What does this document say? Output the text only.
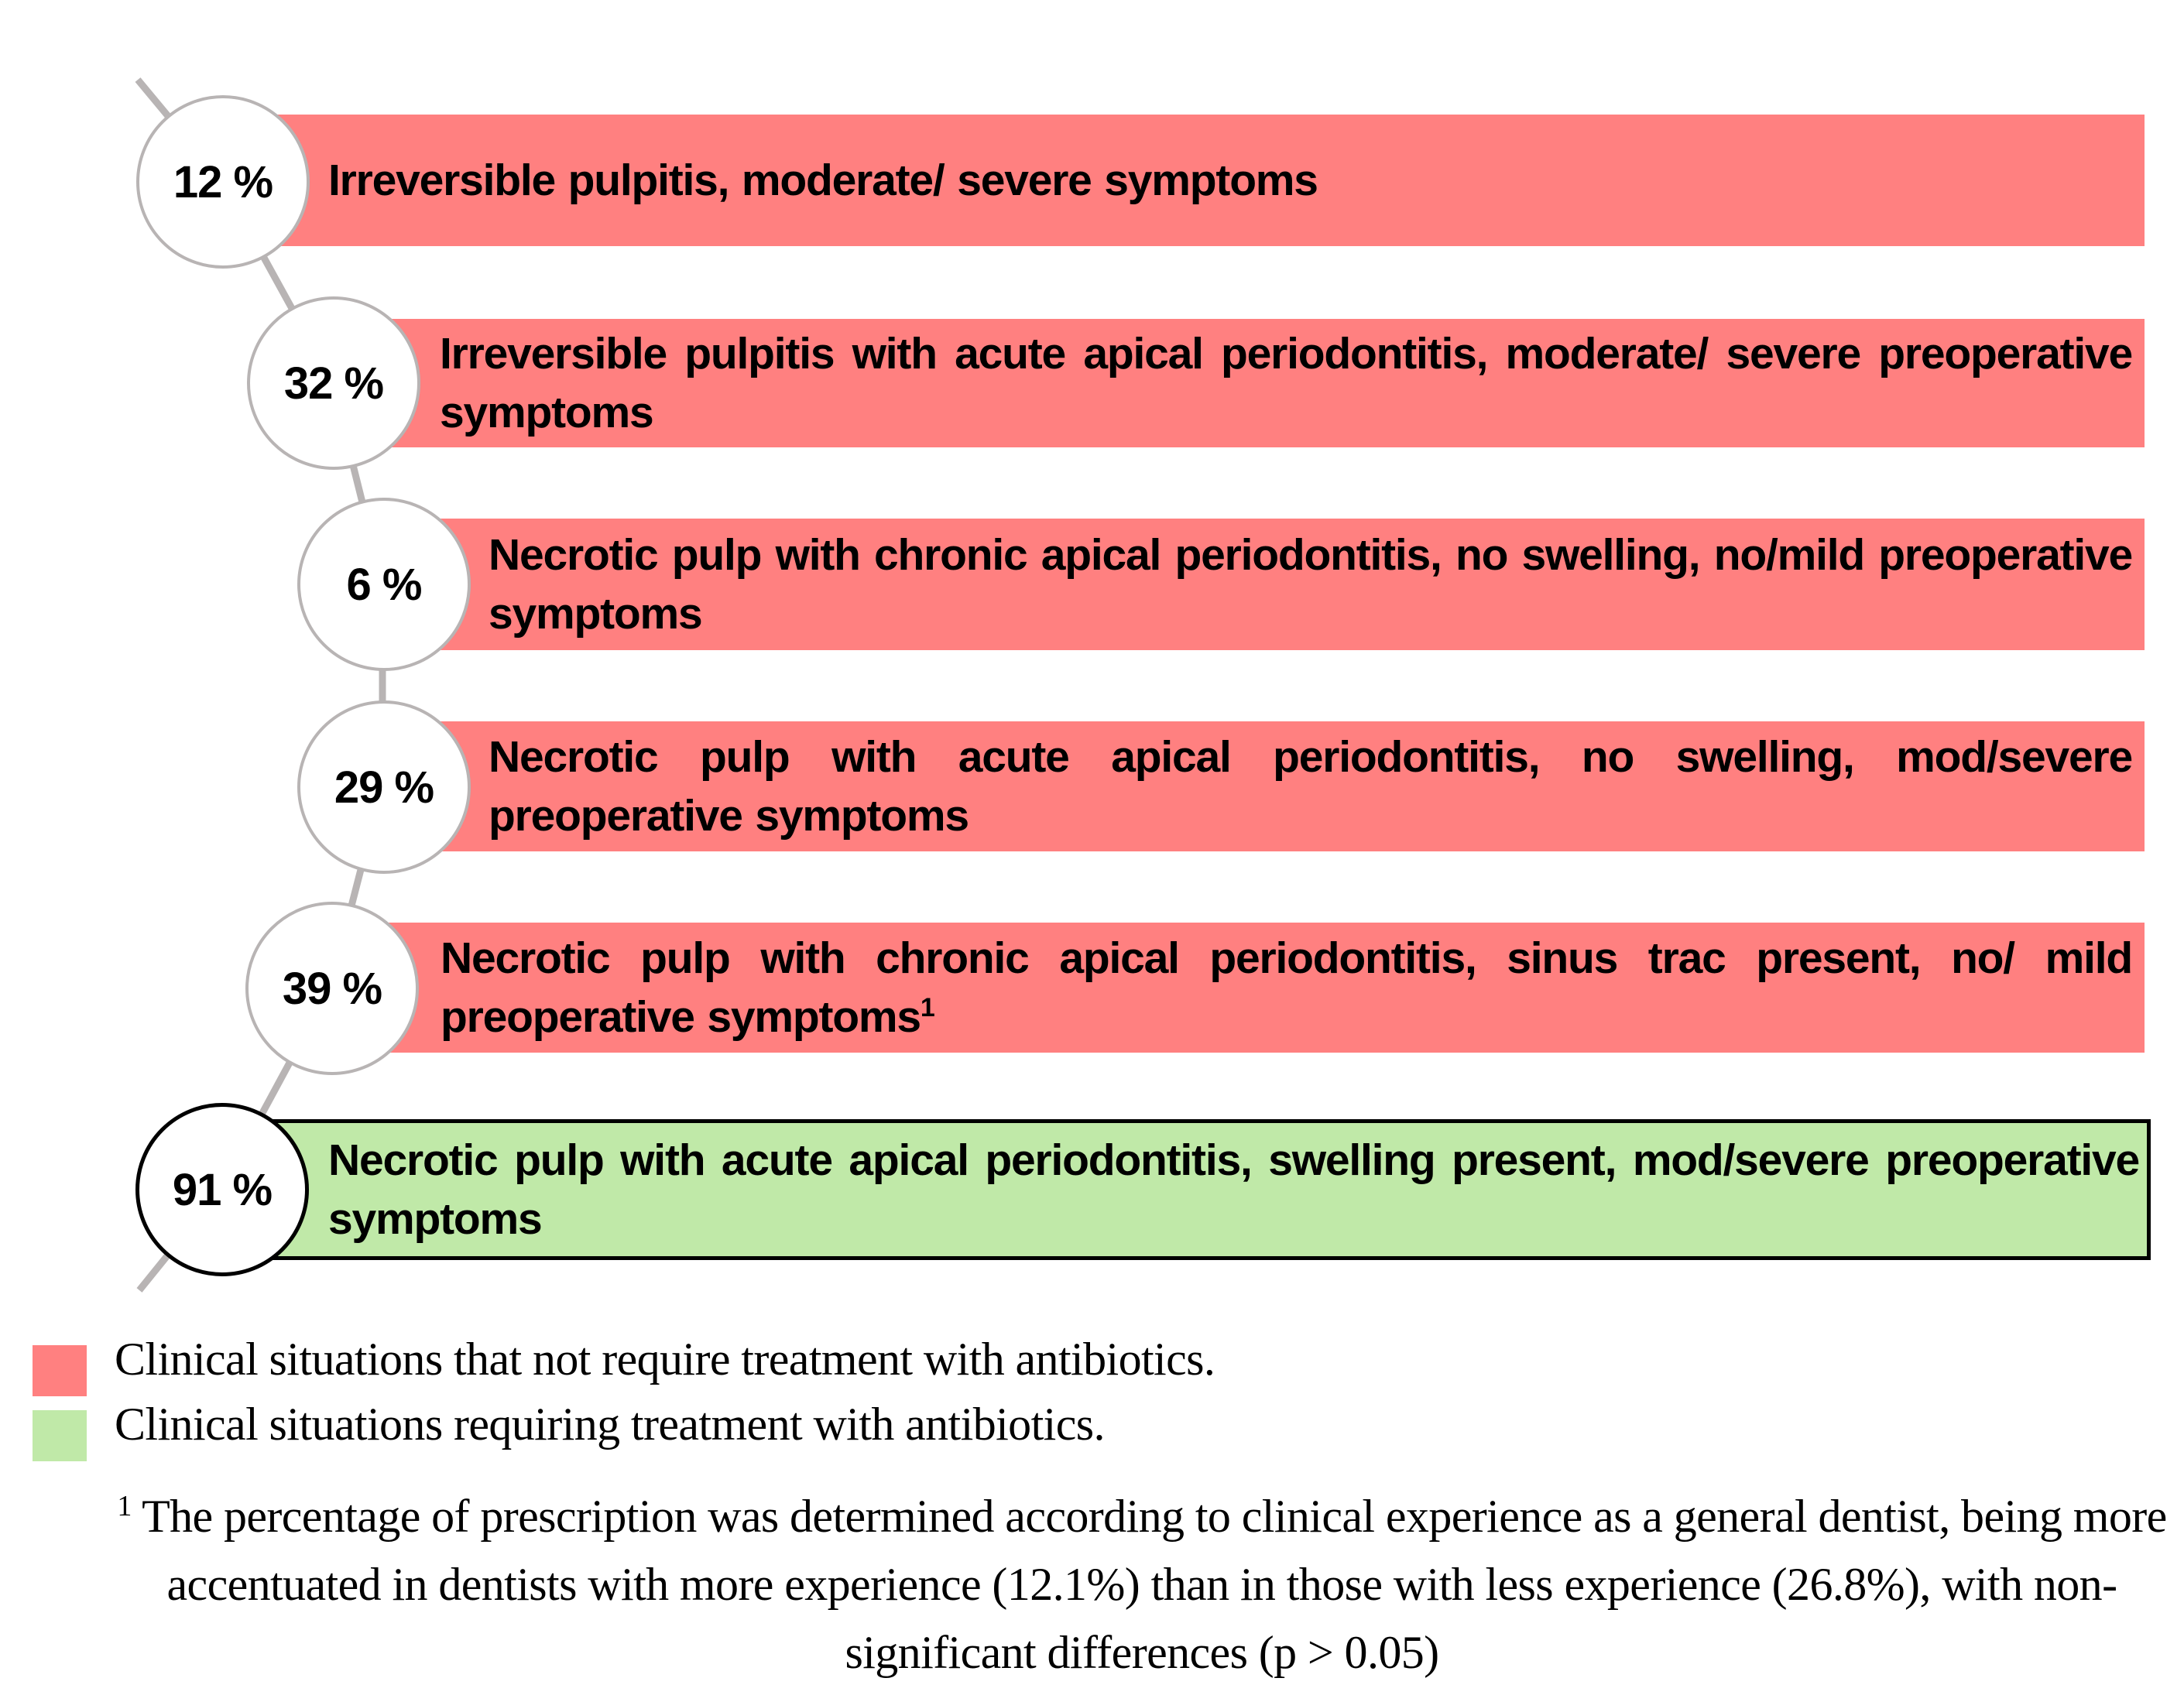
Irreversible pulpitis, moderate/ severe symptoms
12 %
Irreversible pulpitis with acute apical periodontitis, moderate/ severe preoperative symptoms
32 %
Necrotic pulp with chronic apical periodontitis, no swelling, no/mild preoperative symptoms
6 %
Necrotic pulp with acute apical periodontitis, no swelling, mod/severe preoperative symptoms
29 %
Necrotic pulp with chronic apical periodontitis, sinus trac present, no/ mild preoperative symptoms$^1$
39 %
Necrotic pulp with acute apical periodontitis, swelling present, mod/severe preoperative symptoms
91 %
Clinical situations that not require treatment with antibiotics.
Clinical situations requiring treatment with antibiotics.
$^1$ The percentage of prescription was determined according to clinical experience as a general dentist, being more accentuated in dentists with more experience (12.1%) than in those with less experience (26.8%), with non-significant differences (p > 0.05)
